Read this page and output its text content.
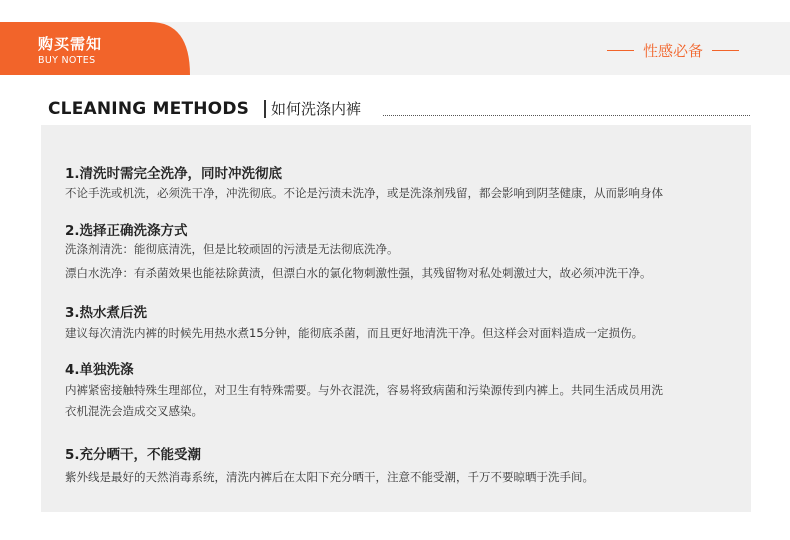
购买需知
BUY NOTES
性感必备
CLEANING METHODS 如何洗涤内裤
1.清洗时需完全洗净，同时冲洗彻底
不论手洗或机洗，必须洗干净，冲洗彻底。不论是污渍未洗净，或是洗涤剂残留，都会影响到阴茎健康，从而影响身体
2.选择正确洗涤方式
洗涤剂清洗：能彻底清洗，但是比较顽固的污渍是无法彻底洗净。
漂白水洗净：有杀菌效果也能祛除黄渍，但漂白水的氯化物刺激性强，其残留物对私处刺激过大，故必须冲洗干净。
3.热水煮后洗
建议每次清洗内裤的时候先用热水煮15分钟，能彻底杀菌，而且更好地清洗干净。但这样会对面料造成一定损伤。
4.单独洗涤
内裤紧密接触特殊生理部位，对卫生有特殊需要。与外衣混洗，容易将致病菌和污染源传到内裤上。共同生活成员用洗
衣机混洗会造成交叉感染。
5.充分晒干，不能受潮
紫外线是最好的天然消毒系统，清洗内裤后在太阳下充分晒干，注意不能受潮，千万不要晾晒于洗手间。
